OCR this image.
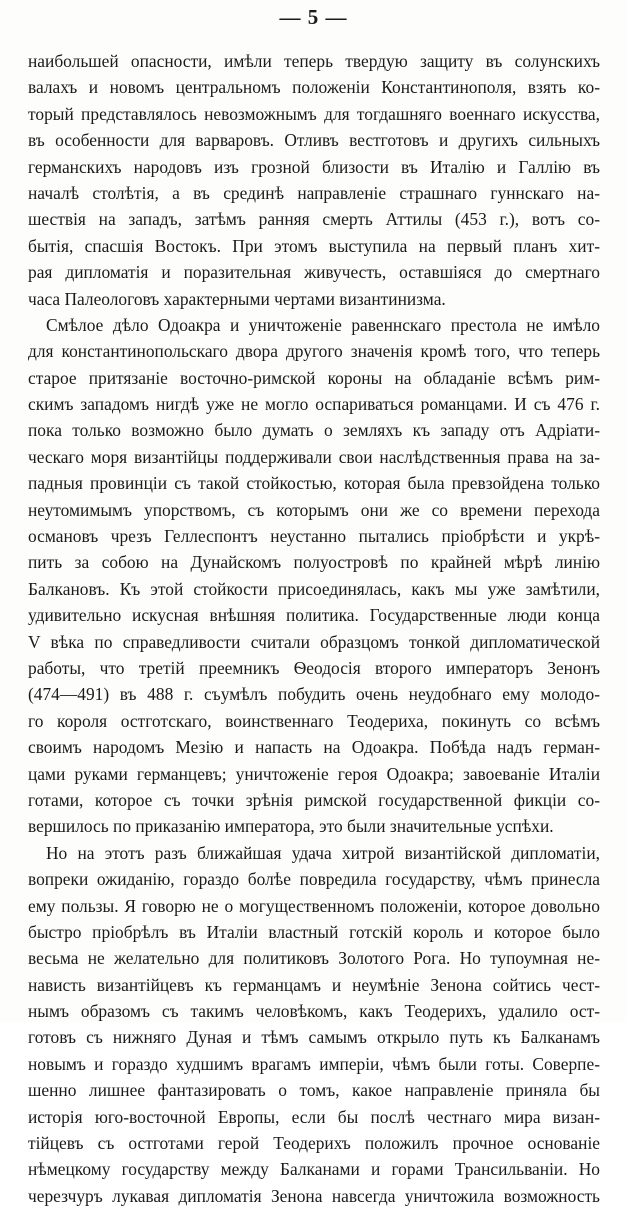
— 5 —
наибольшей опасности, имѣли теперь твердую защиту въ солунскихъ
валахъ и новомъ центральномъ положеніи Константинополя, взять ко-
торый представлялось невозможнымъ для тогдашняго военнаго искусства,
въ особенности для варваровъ. Отливъ вестготовъ и другихъ сильныхъ
германскихъ народовъ изъ грозной близости въ Италію и Галлію въ
началѣ столѣтія, а въ срединѣ направленіе страшнаго гуннскаго на-
шествія на западъ, затѣмъ ранняя смерть Аттилы (453 г.), вотъ со-
бытія, спасшія Востокъ. При этомъ выступила на первый планъ хит-
рая дипломатія и поразительная живучесть, оставшіяся до смертнаго
часа Палеологовъ характерными чертами византинизма.
Смѣлое дѣло Одоакра и уничтоженіе равеннскаго престола не имѣло
для константинопольскаго двора другого значенія кромѣ того, что теперь
старое притязаніе восточно-римской короны на обладаніе всѣмъ рим-
скимъ западомъ нигдѣ уже не могло оспариваться романцами. И съ 476 г.
пока только возможно было думать о земляхъ къ западу отъ Адріати-
ческаго моря византійцы поддерживали свои наслѣдственныя права на за-
падныя провинціи съ такой стойкостью, которая была превзойдена только
неутомимымъ упорствомъ, съ которымъ они же со времени перехода
османовъ чрезъ Геллеспонтъ неустанно пытались пріобрѣсти и укрѣ-
пить за собою на Дунайскомъ полуостровѣ по крайней мѣрѣ линію
Балкановъ. Къ этой стойкости присоединялась, какъ мы уже замѣтили,
удивительно искусная внѣшняя политика. Государственные люди конца
V вѣка по справедливости считали образцомъ тонкой дипломатической
работы, что третій преемникъ Ѳеодосія второго императоръ Зенонъ
(474—491) въ 488 г. съумѣлъ побудить очень неудобнаго ему молодо-
го короля остготскаго, воинственнаго Теодериха, покинуть со всѣмъ
своимъ народомъ Мезію и напасть на Одоакра. Побѣда надъ герман-
цами руками германцевъ; уничтоженіе героя Одоакра; завоеваніе Италіи
готами, которое съ точки зрѣнія римской государственной фикціи со-
вершилось по приказанію императора, это были значительные успѣхи.
Но на этотъ разъ ближайшая удача хитрой византійской дипломатіи,
вопреки ожиданію, гораздо болѣе повредила государству, чѣмъ принесла
ему пользы. Я говорю не о могущественномъ положеніи, которое довольно
быстро пріобрѣлъ въ Италіи властный готскій король и которое было
весьма не желательно для политиковъ Золотого Рога. Но тупоумная не-
нависть византійцевъ къ германцамъ и неумѣніе Зенона сойтись чест-
нымъ образомъ съ такимъ человѣкомъ, какъ Теодерихъ, удалило ост-
готовъ съ нижняго Дуная и тѣмъ самымъ открыло путь къ Балканамъ
новымъ и гораздо худшимъ врагамъ имперіи, чѣмъ были готы. Соверпе-
шенно лишнее фантазировать о томъ, какое направленіе приняла бы
исторія юго-восточной Европы, если бы послѣ честнаго мира визан-
тійцевъ съ остготами герой Теодерихъ положилъ прочное основаніе
нѣмецкому государству между Балканами и горами Трансильваніи. Но
черезчуръ лукавая дипломатія Зенона навсегда уничтожила возможность
